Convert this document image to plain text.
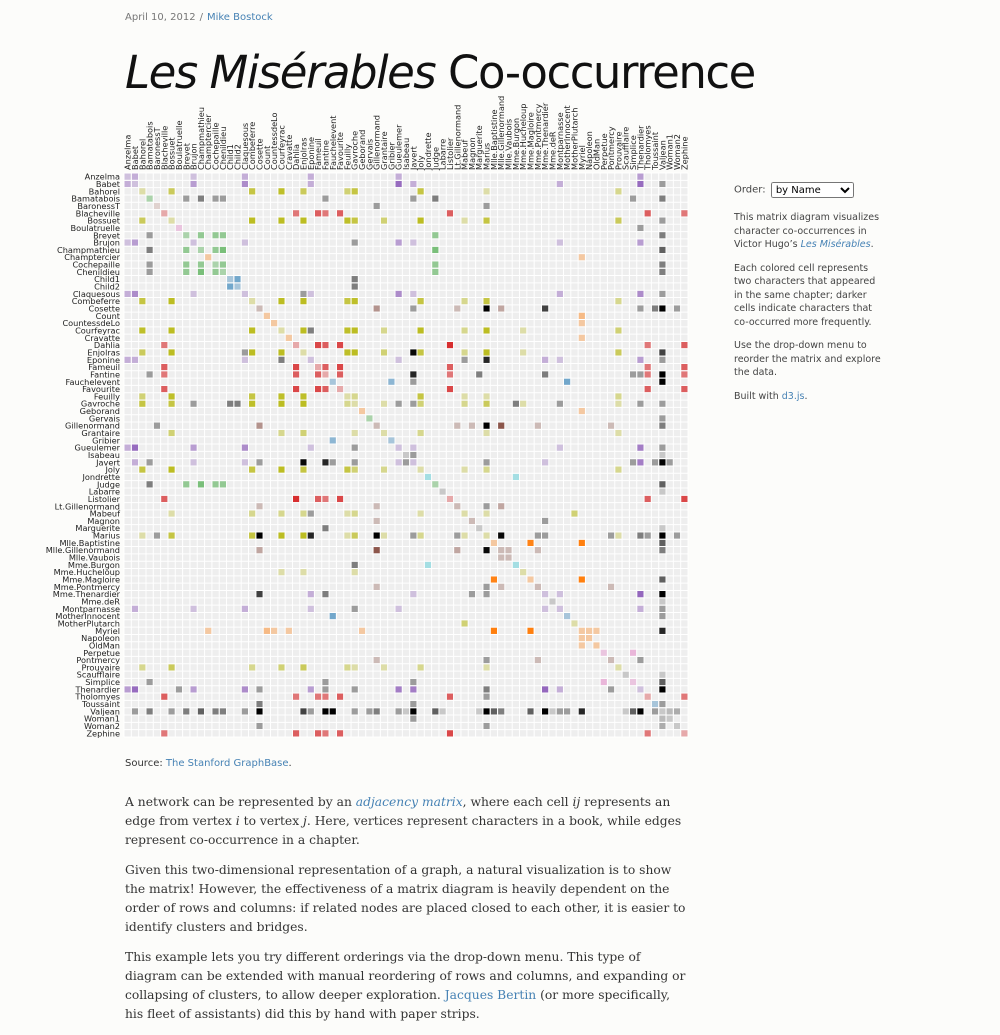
April 10, 2012 / Mike Bostock
Les Misérables Co-occurrence
Anzelma
Babet
Bahorel
Bamatabois
BaronessT
Blacheville
Bossuet
Boulatruelle
Brevet
Brujon
Champmathieu
Champtercier
Cochepaille
Chenildieu
Child1
Child2
Claquesous
Combeferre
Cosette
Count
CountessdeLo
Courfeyrac
Cravatte
Dahlia
Enjolras
Eponine
Fameuil
Fantine
Fauchelevent
Favourite
Feuilly
Gavroche
Geborand
Gervais
Gillenormand
Grantaire
Gribier
Gueulemer
Isabeau
Javert
Joly
Jondrette
Judge
Labarre
Listolier
Lt.Gillenormand
Mabeuf
Magnon
Marguerite
Marius
Mlle.Baptistine
Mlle.Gillenormand
Mlle.Vaubois
Mme.Burgon
Mme.Hucheloup
Mme.Magloire
Mme.Pontmercy
Mme.Thenardier
Mme.deR
Montparnasse
MotherInnocent
MotherPlutarch
Myriel
Napoleon
OldMan
Perpetue
Pontmercy
Prouvaire
Scaufflaire
Simplice
Thenardier
Tholomyes
Toussaint
Valjean
Woman1
Woman2
Zephine
Anzelma
Babet
Bahorel
Bamatabois
BaronessT
Blacheville
Bossuet
Boulatruelle
Brevet
Brujon
Champmathieu
Champtercier
Cochepaille
Chenildieu
Child1
Child2
Claquesous
Combeferre
Cosette
Count
CountessdeLo
Courfeyrac
Cravatte
Dahlia
Enjolras
Eponine
Fameuil
Fantine
Fauchelevent
Favourite
Feuilly
Gavroche
Geborand
Gervais
Gillenormand
Grantaire
Gribier
Gueulemer
Isabeau
Javert
Joly
Jondrette
Judge
Labarre
Listolier
Lt.Gillenormand
Mabeuf
Magnon
Marguerite
Marius
Mlle.Baptistine
Mlle.Gillenormand
Mlle.Vaubois
Mme.Burgon
Mme.Hucheloup
Mme.Magloire
Mme.Pontmercy
Mme.Thenardier
Mme.deR
Montparnasse
MotherInnocent
MotherPlutarch
Myriel
Napoleon
OldMan
Perpetue
Pontmercy
Prouvaire
Scaufflaire
Simplice
Thenardier
Tholomyes
Toussaint
Valjean
Woman1
Woman2
Zephine
Order:
by Name

This matrix diagram visualizes character co-occurrences in Victor Hugo’s Les Misérables.

Each colored cell represents two characters that appeared in the same chapter; darker cells indicate characters that co-occurred more frequently.

Use the drop-down menu to reorder the matrix and explore the data.

Built with d3.js.

Source: The Stanford GraphBase.

A network can be represented by an adjacency matrix, where each cell ij represents an edge from vertex i to vertex j. Here, vertices represent characters in a book, while edges represent co-occurrence in a chapter.

Given this two-dimensional representation of a graph, a natural visualization is to show the matrix! However, the effectiveness of a matrix diagram is heavily dependent on the order of rows and columns: if related nodes are placed closed to each other, it is easier to identify clusters and bridges.

This example lets you try different orderings via the drop-down menu. This type of diagram can be extended with manual reordering of rows and columns, and expanding or collapsing of clusters, to allow deeper exploration. Jacques Bertin (or more specifically, his fleet of assistants) did this by hand with paper strips.
